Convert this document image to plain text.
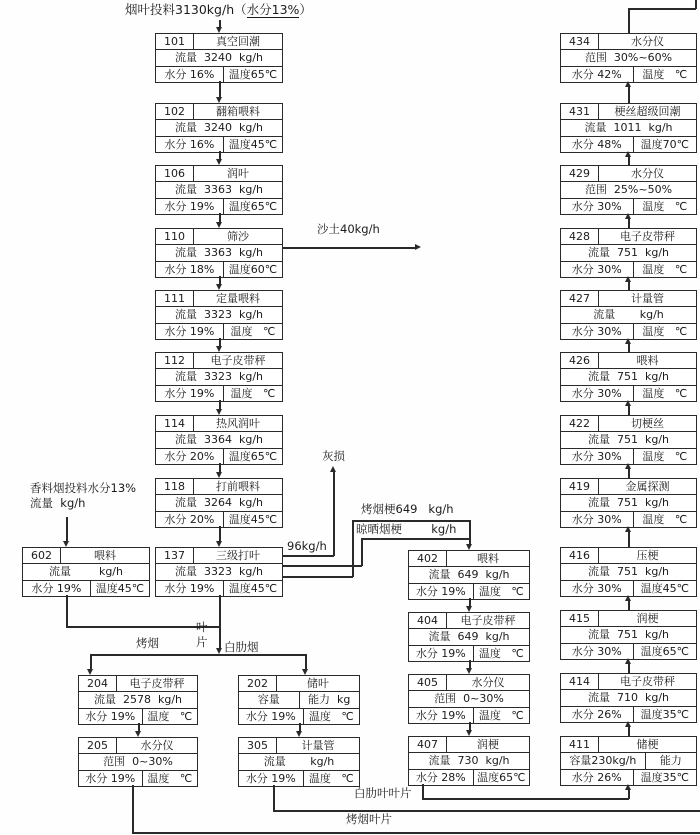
烟叶投料3130kg/h（水分13%）
101	真空回潮
流量  3240  kg/h
水分 16%	温度65℃
102	翻箱喂料
流量  3240  kg/h
水分 16%	温度45℃
106	润叶
流量  3363  kg/h
水分 19%	温度65℃
110	筛沙
流量  3363  kg/h
水分 18%	温度60℃
111	定量喂料
流量  3323  kg/h
水分 19%	温度   ℃
112	电子皮带秤
流量  3323  kg/h
水分 19%	温度   ℃
114	热风润叶
流量  3364  kg/h
水分 20%	温度65℃
118	打前喂料
流量  3264  kg/h
水分 20%	温度45℃
137	三级打叶
流量  3323  kg/h
水分 19%	温度45℃
602	喂料
流量        kg/h
水分 19%	温度45℃
402	喂料
流量  649  kg/h
水分 19%	温度   ℃
404	电子皮带秤
流量  649  kg/h
水分 19%	温度   ℃
405	水分仪
范围  0~30%
水分 19%	温度   ℃
407	润梗
流量  730  kg/h
水分 28%	温度65℃
204	电子皮带秤
流量  2578  kg/h
水分 19%	温度   ℃
205	水分仪
范围  0~30%
水分 19%	温度   ℃
202	储叶
容量	能力  kg
水分 19%	温度   ℃
305	计量管
流量       kg/h
水分 19%	温度   ℃
434	水分仪
范围  30%~60%
水分 42%	温度   ℃
431	梗丝超级回潮
流量  1011  kg/h
水分 48%	温度70℃
429	水分仪
范围  25%~50%
水分 30%	温度   ℃
428	电子皮带秤
流量  751  kg/h
水分 30%	温度   ℃
427	计量管
流量       kg/h
水分 30%	温度   ℃
426	喂料
流量  751  kg/h
水分 30%	温度   ℃
422	切梗丝
流量  751  kg/h
水分 30%	温度   ℃
419	金属探测
流量  751  kg/h
水分 30%	温度   ℃
416	压梗
流量  751  kg/h
水分 30%	温度45℃
415	润梗
流量  751  kg/h
水分 30%	温度65℃
414	电子皮带秤
流量  710  kg/h
水分 26%	温度35℃
411	储梗
容量230kg/h	能力
水分 26%	温度35℃
沙土40kg/h
灰损
96kg/h
烤烟梗649   kg/h
晾晒烟梗        kg/h
香料烟投料水分13%
流量  kg/h
叶
片
烤烟	白肋烟
烤烟叶片
白肋叶叶片
